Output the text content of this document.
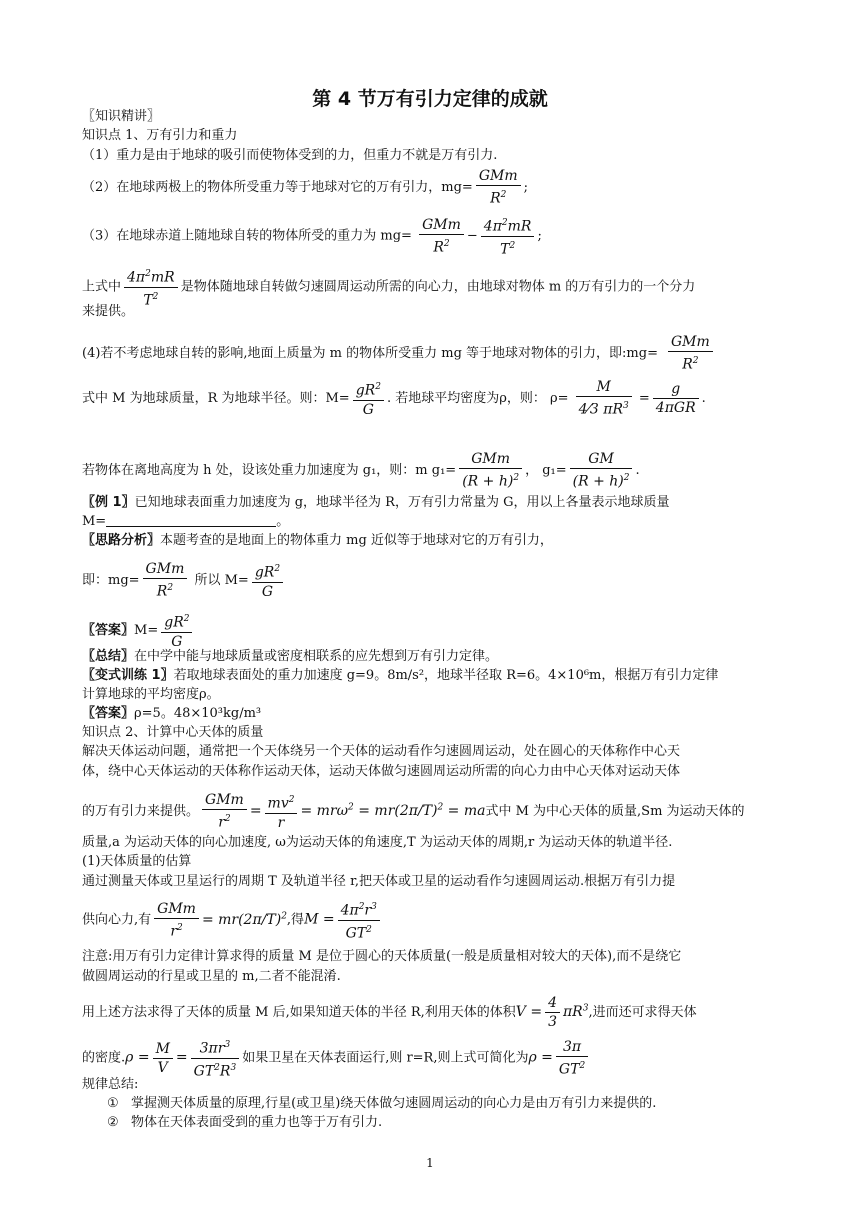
第 4 节万有引力定律的成就
〖知识精讲〗
知识点 1、万有引力和重力
（1）重力是由于地球的吸引而使物体受到的力，但重力不就是万有引力.
（2）在地球两极上的物体所受重力等于地球对它的万有引力，$mg= \frac{\text{GMm}}{R^2}$ ;
（3）在地球赤道上随地球自转的物体所受的重力为 $mg= \frac{\text{GMm}}{R^2} - \frac{4\pi^2mR}{T^2}$ ;
上式中 $\frac{4\pi^2mR}{T^2}$ 是物体随地球自转做匀速圆周运动所需的向心力，由地球对物体 m 的万有引力的一个分力
来提供。
(4)若不考虑地球自转的影响,地面上质量为 m 的物体所受重力 mg 等于地球对物体的引力，即:mg= $\frac{\text{GMm}}{R^2}$
式中 M 为地球质量，R 为地球半径。则：$M= \frac{gR^2}{G}$ . 若地球平均密度为ρ，则： $\rho= \frac{M}{4⁄3 \pi R^3} = \frac{g}{\text{4πGR}}$ .
若物体在离地高度为 h 处，设该处重力加速度为 g₁，则：m $g_1= \frac{\text{GMm}}{(R + h)^2}$ ， $g_1= \frac{GM}{(R + h)^2}$ .
〖例 1〗已知地球表面重力加速度为 g，地球半径为 R，万有引力常量为 G，用以上各量表示地球质量
M=	。
〖思路分析〗本题考查的是地面上的物体重力 mg 近似等于地球对它的万有引力，
即：$mg= \frac{\text{GMm}}{R^2}$ 所以 $M= \frac{gR^2}{G}$
〖答案〗$M= \frac{gR^2}{G}$
〖总结〗在中学中能与地球质量或密度相联系的应先想到万有引力定律。
〖变式训练 1〗若取地球表面处的重力加速度 g=9。8m/s²，地球半径取 R=6。4×10⁶m，根据万有引力定律
计算地球的平均密度ρ。
〖答案〗ρ=5。48×10³kg/m³
知识点 2、计算中心天体的质量
解决天体运动问题，通常把一个天体绕另一个天体的运动看作匀速圆周运动，处在圆心的天体称作中心天
体，绕中心天体运动的天体称作运动天体，运动天体做匀速圆周运动所需的向心力由中心天体对运动天体
的万有引力来提供。 $\frac{\text{GMm}}{r^2} = \frac{mv^2}{r} = mr\omega^2 = mr(2\pi/T)^2$ = ma式中 M 为中心天体的质量,Sm 为运动天体的
质量,a 为运动天体的向心加速度, ω为运动天体的角速度,T 为运动天体的周期,r 为运动天体的轨道半径.
(1)天体质量的估算
通过测量天体或卫星运行的周期 T 及轨道半径 r,把天体或卫星的运动看作匀速圆周运动.根据万有引力提
供向心力,有 $\frac{\text{GMm}}{r^2} = mr(2\pi/T)^2$,得$M = \frac{4\pi^2r^3}{GT^2}$
注意:用万有引力定律计算求得的质量 M 是位于圆心的天体质量(一般是质量相对较大的天体),而不是绕它
做圆周运动的行星或卫星的 m,二者不能混淆.
用上述方法求得了天体的质量 M 后,如果知道天体的半径 R,利用天体的体积$V = \frac{4}{3} \pi R^3$,进而还可求得天体
的密度$.\rho = \frac{M}{V} = \frac{3\pi r^3}{GT^2R^3}$ 如果卫星在天体表面运行,则 r=R,则上式可简化为$\rho = \frac{3\pi}{GT^2}$
规律总结:
① 掌握测天体质量的原理,行星(或卫星)绕天体做匀速圆周运动的向心力是由万有引力来提供的.
② 物体在天体表面受到的重力也等于万有引力.
1
